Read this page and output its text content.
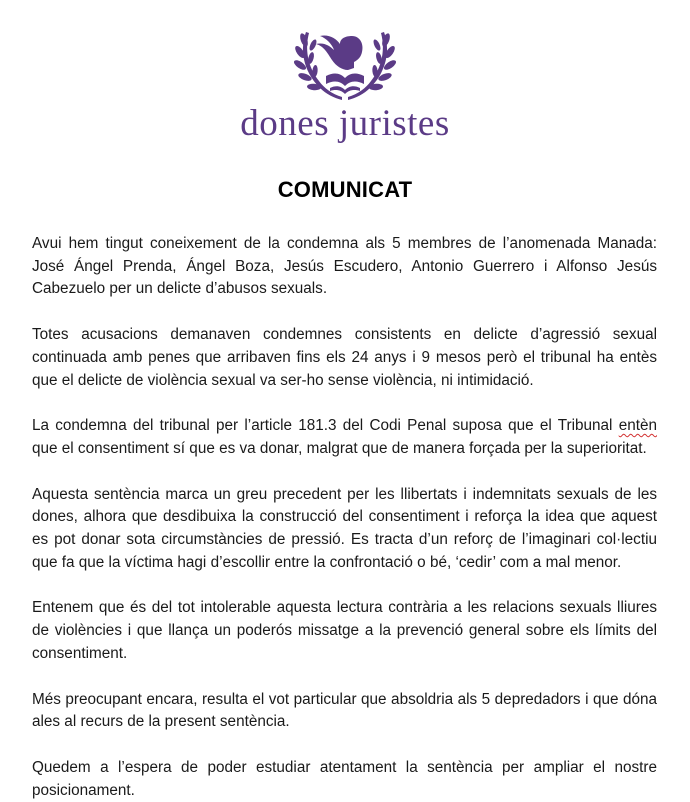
dones juristes
COMUNICAT

Avui hem tingut coneixement de la condemna als 5 membres de l’anomenada Manada: José Ángel Prenda, Ángel Boza, Jesús Escudero, Antonio Guerrero i Alfonso Jesús Cabezuelo per un delicte d’abusos sexuals.

Totes acusacions demanaven condemnes consistents en delicte d’agressió sexual continuada amb penes que arribaven fins els 24 anys i 9 mesos però el tribunal ha entès que el delicte de violència sexual va ser-ho sense violència, ni intimidació.

La condemna del tribunal per l’article 181.3 del Codi Penal suposa que el Tribunal entèn que el consentiment sí que es va donar, malgrat que de manera forçada per la superioritat.

Aquesta sentència marca un greu precedent per les llibertats i indemnitats sexuals de les dones, alhora que desdibuixa la construcció del consentiment i reforça la idea que aquest es pot donar sota circumstàncies de pressió. Es tracta d’un reforç de l’imaginari col·lectiu que fa que la víctima hagi d’escollir entre la confrontació o bé, ‘cedir’ com a mal menor.

Entenem que és del tot intolerable aquesta lectura contrària a les relacions sexuals lliures de violències i que llança un poderós missatge a la prevenció general sobre els límits del consentiment.

Més preocupant encara, resulta el vot particular que absoldria als 5 depredadors i que dóna ales al recurs de la present sentència.

Quedem a l’espera de poder estudiar atentament la sentència per ampliar el nostre posicionament.
